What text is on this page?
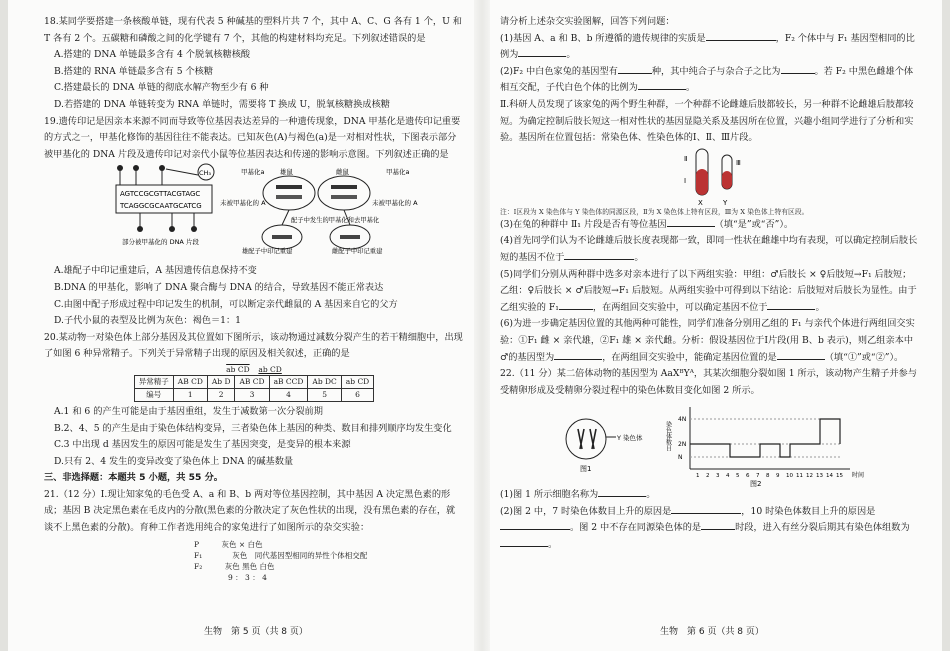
18.某同学要搭建一条核酸单链，现有代表 5 种碱基的塑料片共 7 个，其中 A、C、G 各有 1 个，U 和 T 各有 2 个。五碳糖和磷酸之间的化学键有 7 个，其他的构建材料均充足。下列叙述错误的是

A.搭建的 DNA 单链最多含有 4 个脱氧核糖核酸

B.搭建的 RNA 单链最多含有 5 个核糖

C.搭建最长的 DNA 单链的彻底水解产物至少有 6 种

D.若搭建的 DNA 单链转变为 RNA 单链时，需要将 T 换成 U，脱氧核糖换成核糖

19.遗传印记是因亲本来源不同而导致等位基因表达差异的一种遗传现象，DNA 甲基化是遗传印记重要的方式之一，甲基化修饰的基因往往不能表达。已知灰色(A)与褐色(a)是一对相对性状，下图表示部分被甲基化的 DNA 片段及遗传印记对亲代小鼠等位基因表达和传递的影响示意图。下列叙述正确的是

AGTCCGCGTTACGTAGC
TCAGGCGCAATGCATCG
CH₃
部分被甲基化的 DNA 片段
甲基化a 雄鼠	雌鼠	甲基化a
未被甲基化的 A	未被甲基化的 A
配子中发生的甲基化和去甲基化
雄配子中印记重建	雌配子中印记重建

A.雄配子中印记重建后，A 基因遗传信息保持不变

B.DNA 的甲基化，影响了 DNA 聚合酶与 DNA 的结合，导致基因不能正常表达

C.由图中配子形成过程中印记发生的机制，可以断定亲代雌鼠的 A 基因来自它的父方

D.子代小鼠的表型及比例为灰色：褐色＝1：1

20.某动物一对染色体上部分基因及其位置如下图所示，该动物通过减数分裂产生的若干精细胞中，出现了如图 6 种异常精子。下列关于异常精子出现的原因及相关叙述，正确的是

ab CD ab CD						
异常精子	AB CD	Ab D	AB CD	aB CCD	Ab DC	ab CD
编号	1	2	3	4	5	6

A.1 和 6 的产生可能是由于基因重组，发生于减数第一次分裂前期

B.2、4、5 的产生是由于染色体结构变异，三者染色体上基因的种类、数目和排列顺序均发生变化

C.3 中出现 d 基因发生的原因可能是发生了基因突变，是变异的根本来源

D.只有 2、4 发生的变异改变了染色体上 DNA 的碱基数量

三、非选择题：本题共 5 小题，共 55 分。

21.（12 分）Ⅰ.现让知家兔的毛色受 A、a 和 B、b 两对等位基因控制，其中基因 A 决定黑色素的形成；基因 B 决定黑色素在毛皮内的分散(黑色素的分散决定了灰色性状的出现，没有黑色素的存在，就谈不上黑色素的分散)。育种工作者选用纯合的家兔进行了如图所示的杂交实验：

P　　　	灰色 × 白色
F₁　　　　	灰色　 同代基因型相同的异性个体相交配
F₂　　　	灰色 黑色 白色
9 ： 3 ： 4
生物　第 5 页（共 8 页）

请分析上述杂交实验图解，回答下列问题：

(1)基因 A、a 和 B、b 所遵循的遗传规律的实质是	，F₂ 个体中与 F₁ 基因型相同的比例为	。

(2)F₂ 中白色家兔的基因型有	种，其中纯合子与杂合子之比为	。若 F₂ 中黑色雌雄个体相互交配，子代白色个体的比例为	。

Ⅱ.科研人员发现了该家兔的两个野生种群，一个种群不论雌雄后肢都较长，另一种群不论雌雄后肢都较短。为确定控制后肢长短这一相对性状的基因显隐关系及基因所在位置，兴趣小组同学进行了分析和实验。基因所在位置包括：常染色体、性染色体的Ⅰ、Ⅱ、Ⅲ片段。

Ⅱ
Ⅰ
Ⅲ
X	Y

注：Ⅰ区段为 X 染色体与 Y 染色体的同源区段，Ⅱ为 X 染色体上特有区段，Ⅲ为 X 染色体上特有区段。

(3)在兔的种群中 Ⅱ₁ 片段是否有等位基因	（填“是”或“否”）。

(4)首先同学们认为不论雌雄后肢长度表现都一致，即同一性状在雌雄中均有表现，可以确定控制后肢长短的基因不位于	。

(5)同学们分别从两种群中选多对亲本进行了以下两组实验：甲组：♂后肢长 × ♀后肢短→F₁ 后肢短；乙组：♀后肢长 × ♂后肢短→F₁ 后肢短。从两组实验中可得到以下结论：后肢短对后肢长为显性。由于乙组实验的 F₁	，在两组回交实验中，可以确定基因不位于	。

(6)为进一步确定基因位置的其他两种可能性，同学们准备分别用乙组的 F₁ 与亲代个体进行两组回交实验：①F₁ 雌 × 亲代雄，②F₁ 雄 × 亲代雌。分析：假设基因位于Ⅰ片段(用 B、b 表示)，则乙组亲本中♂的基因型为	，在两组回交实验中，能确定基因位置的是	（填“①”或“②”）。

22.（11 分）某二倍体动物的基因型为 AaXᴮYᴬ，其某次细胞分裂如图 1 所示，该动物产生精子并参与受精卵形成及受精卵分裂过程中的染色体数目变化如图 2 所示。

Y 染色体
图1
4N
2N
N
1 2 3 4 5 6 7 8 9 10 11 12 13 14 15 时间
染色体数目
图2

(1)图 1 所示细胞名称为	。

(2)图 2 中，7 时染色体数目上升的原因是	，10 时染色体数目上升的原因是。图 2 中不存在同源染色体的是	时段，进入有丝分裂后期其有染色体组数为。

生物　第 6 页（共 8 页）
